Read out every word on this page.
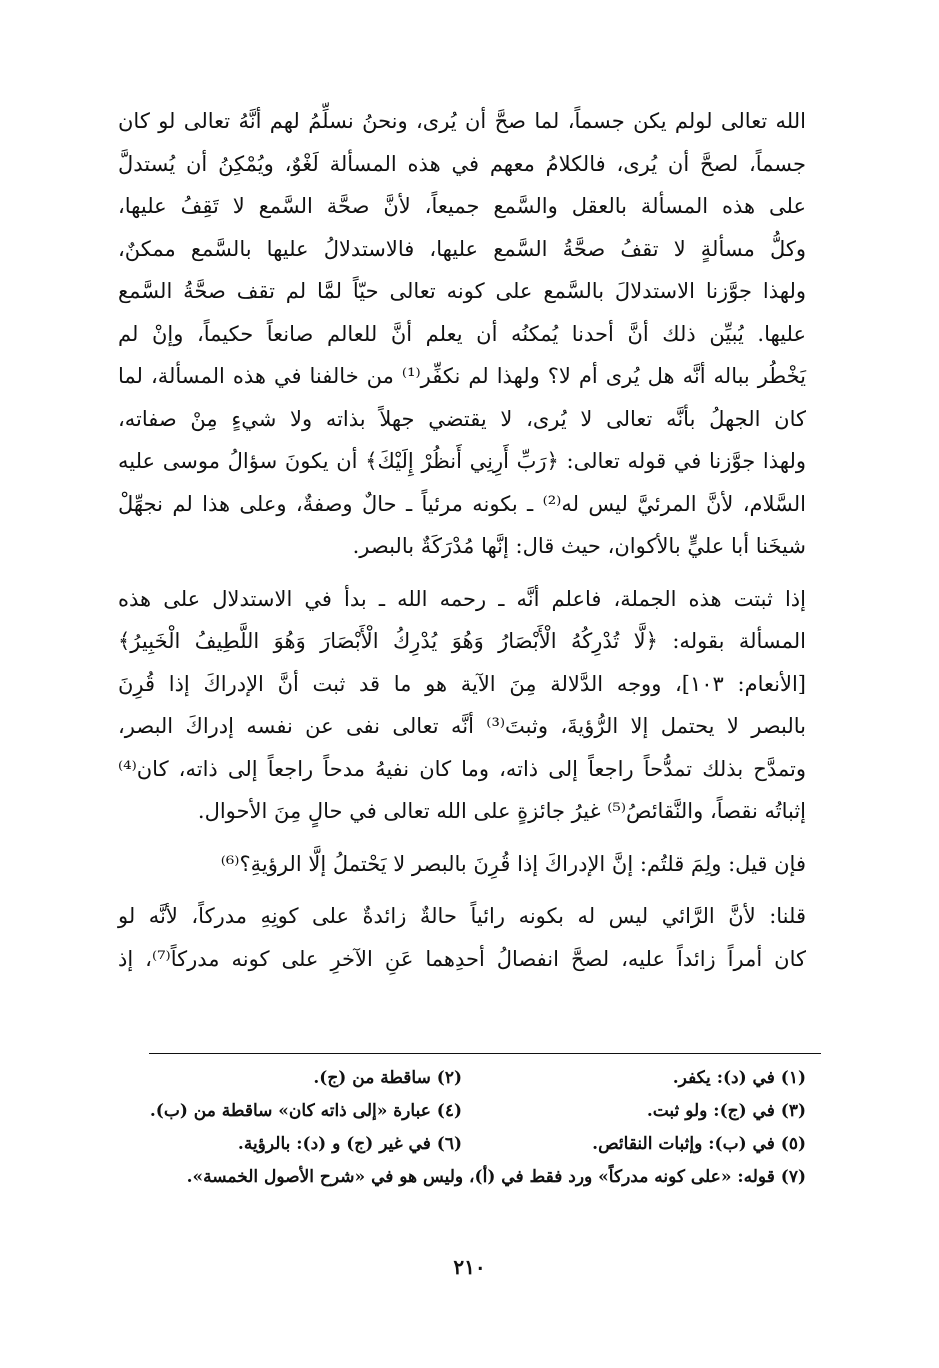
الله تعالى لولم يكن جسماً، لما صحَّ أن يُرى، ونحنُ نسلِّمُ لهم أنَّهُ تعالى لو كان
جسماً، لصحَّ أن يُرى، فالكلامُ معهم في هذه المسألة لَغْوٌ، ويُمْكِنُ أن يُستدلَّ
على هذه المسألة بالعقل والسَّمع جميعاً، لأنَّ صحَّة السَّمع لا تَقِفُ عليها،
وكلُّ مسألةٍ لا تقفُ صحَّةُ السَّمع عليها، فالاستدلالُ عليها بالسَّمع ممكنٌ،
ولهذا جوَّزنا الاستدلالَ بالسَّمع على كونه تعالى حيّاً لمَّا لم تقف صحَّةُ السَّمع
عليها. يُبيِّن ذلك أنَّ أحدنا يُمكنُه أن يعلم أنَّ للعالم صانعاً حكيماً، وإنْ لم
يَخْطُر بباله أنَّه هل يُرى أم لا؟ ولهذا لم نكفِّر⁽¹⁾ من خالفنا في هذه المسألة، لما
كان الجهلُ بأنَّه تعالى لا يُرى، لا يقتضي جهلاً بذاته ولا شيءٍ مِنْ صفاته،
ولهذا جوَّزنا في قوله تعالى: ﴿رَبِّ أَرِنِي أَنظُرْ إِلَيْكَ﴾ أن يكونَ سؤالُ موسى عليه
السَّلام، لأنَّ المرئيَّ ليس له⁽²⁾ ـ بكونه مرئياً ـ حالٌ وصفةٌ، وعلى هذا لم نجهِّلْ
شيخَنا أبا عليٍّ بالأكوان، حيث قال: إنَّها مُدْرَكَةٌ بالبصر.
إذا ثبتت هذه الجملة، فاعلم أنَّه ـ رحمه الله ـ بدأ في الاستدلال على هذه
المسألة بقوله: ﴿لَّا تُدْرِكُهُ الْأَبْصَارُ وَهُوَ يُدْرِكُ الْأَبْصَارَ وَهُوَ اللَّطِيفُ الْخَبِيرُ﴾
[الأنعام: ١٠٣]، ووجه الدَّلالة مِنَ الآية هو ما قد ثبت أنَّ الإدراكَ إذا قُرِنَ
بالبصر لا يحتمل إلا الرُّؤيةَ، وثبتَ⁽³⁾ أنَّه تعالى نفى عن نفسه إدراكَ البصر،
وتمدَّح بذلك تمدُّحاً راجعاً إلى ذاته، وما كان نفيهُ مدحاً راجعاً إلى ذاته، كان⁽⁴⁾
إثباتُه نقصاً، والنَّقائصُ⁽⁵⁾ غيرُ جائزةٍ على الله تعالى في حالٍ مِنَ الأحوال.
فإن قيل: ولِمَ قلتُم: إنَّ الإدراكَ إذا قُرِنَ بالبصر لا يَحْتملُ إلَّا الرؤيةِ؟⁽⁶⁾
قلنا: لأنَّ الرَّائي ليس له بكونه رائياً حالةٌ زائدةٌ على كونِهِ مدركاً، لأنَّه لو
كان أمراً زائداً عليه، لصحَّ انفصالُ أحدِهما عَنِ الآخرِ على كونه مدركاً⁽⁷⁾، إذ
(١) في (د): يكفر.
(٢) ساقطة من (ج).
(٣) في (ج): ولو ثبت.
(٤) عبارة «إلى ذاته كان» ساقطة من (ب).
(٥) في (ب): وإثبات النقائص.
(٦) في غير (ج) و (د): بالرؤية.
(٧) قوله: «على كونه مدركاً» ورد فقط في (أ)، وليس هو في «شرح الأصول الخمسة».
٢١٠
